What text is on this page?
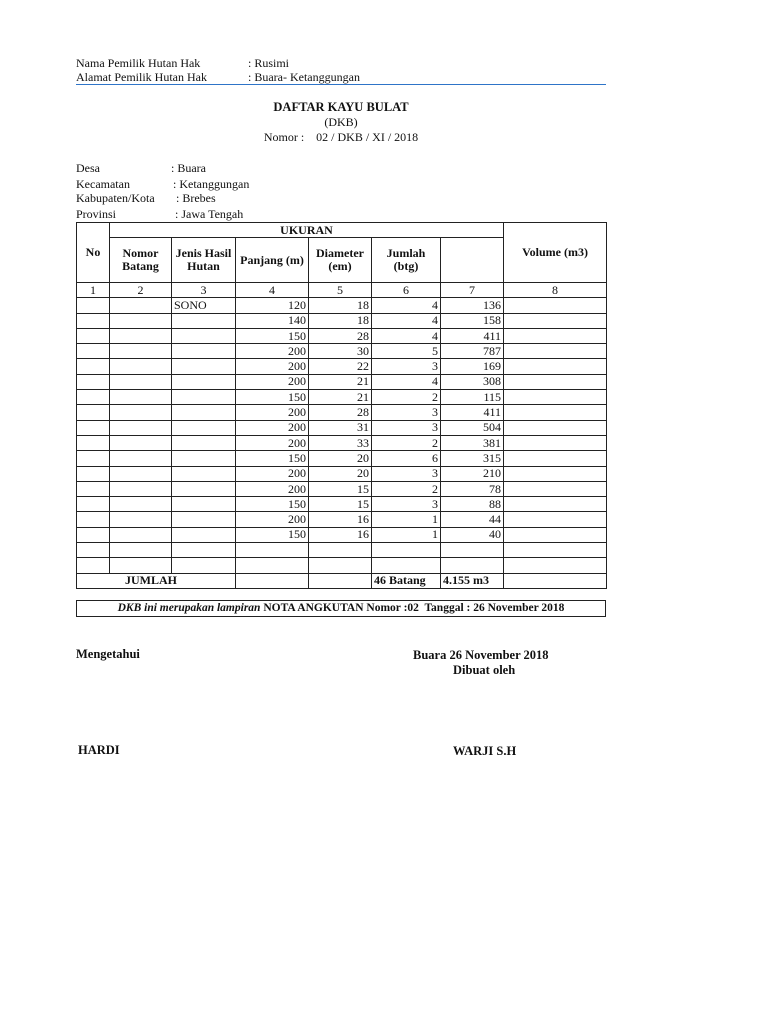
Nama Pemilik Hutan Hak	: Rusimi
Alamat Pemilik Hutan Hak	: Buara- Ketanggungan
DAFTAR KAYU BULAT
(DKB)
Nomor :    02 / DKB / XI / 2018
Desa	: Buara
Kecamatan	: Ketanggungan
Kabupaten/Kota : Brebes
Provinsi	: Jawa Tengah
No	UKURAN						Volume (m3)	
	Nomor Batang	Jenis Hasil Hutan	Panjang (m)	Diameter (em)	Jumlah (btg)			
1	2	3	4	5	6	7	8	
		SONO	120	18	4	136		
			140	18	4	158		
			150	28	4	411		
			200	30	5	787		
			200	22	3	169		
			200	21	4	308		
			150	21	2	115		
			200	28	3	411		
			200	31	3	504		
			200	33	2	381		
			150	20	6	315		
			200	20	3	210		
			200	15	2	78		
			150	15	3	88		
			200	16	1	44		
			150	16	1	40		

JUMLAH					46 Batang	4.155 m3		
DKB ini merupakan lampiran NOTA ANGKUTAN Nomor :02  Tanggal : 26 November 2018
Mengetahui	Buara 26 November 2018
Dibuat oleh
HARDI	WARJI S.H
